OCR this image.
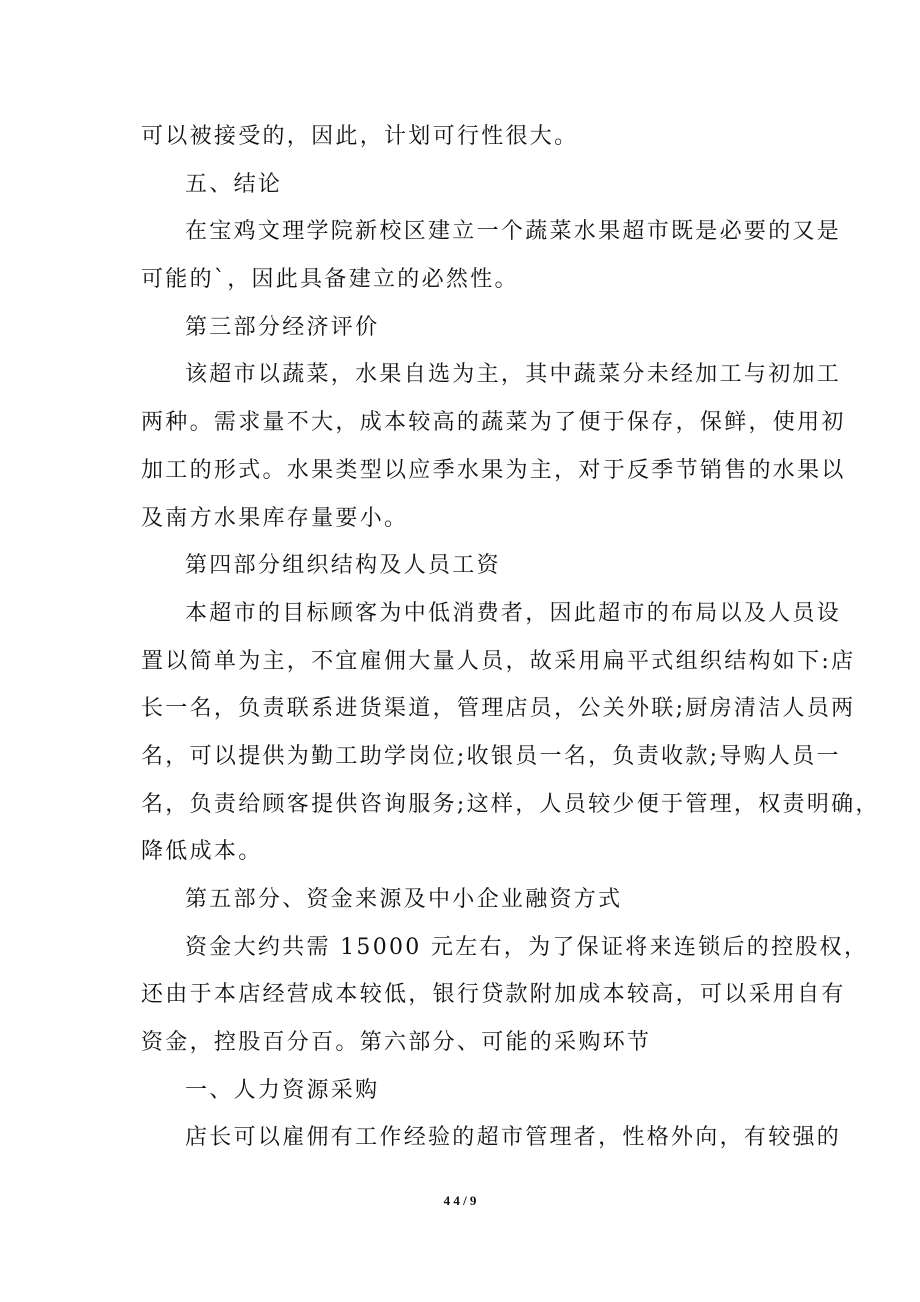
可以被接受的，因此，计划可行性很大。
五、结论
在宝鸡文理学院新校区建立一个蔬菜水果超市既是必要的又是
可能的`，因此具备建立的必然性。
第三部分经济评价
该超市以蔬菜，水果自选为主，其中蔬菜分未经加工与初加工
两种。需求量不大，成本较高的蔬菜为了便于保存，保鲜，使用初
加工的形式。水果类型以应季水果为主，对于反季节销售的水果以
及南方水果库存量要小。
第四部分组织结构及人员工资
本超市的目标顾客为中低消费者，因此超市的布局以及人员设
置以简单为主，不宜雇佣大量人员，故采用扁平式组织结构如下:店
长一名，负责联系进货渠道，管理店员，公关外联;厨房清洁人员两
名，可以提供为勤工助学岗位;收银员一名，负责收款;导购人员一
名，负责给顾客提供咨询服务;这样，人员较少便于管理，权责明确，
降低成本。
第五部分、资金来源及中小企业融资方式
资金大约共需 15000 元左右，为了保证将来连锁后的控股权，
还由于本店经营成本较低，银行贷款附加成本较高，可以采用自有
资金，控股百分百。第六部分、可能的采购环节
一、人力资源采购
店长可以雇佣有工作经验的超市管理者，性格外向，有较强的
4 4 / 9
